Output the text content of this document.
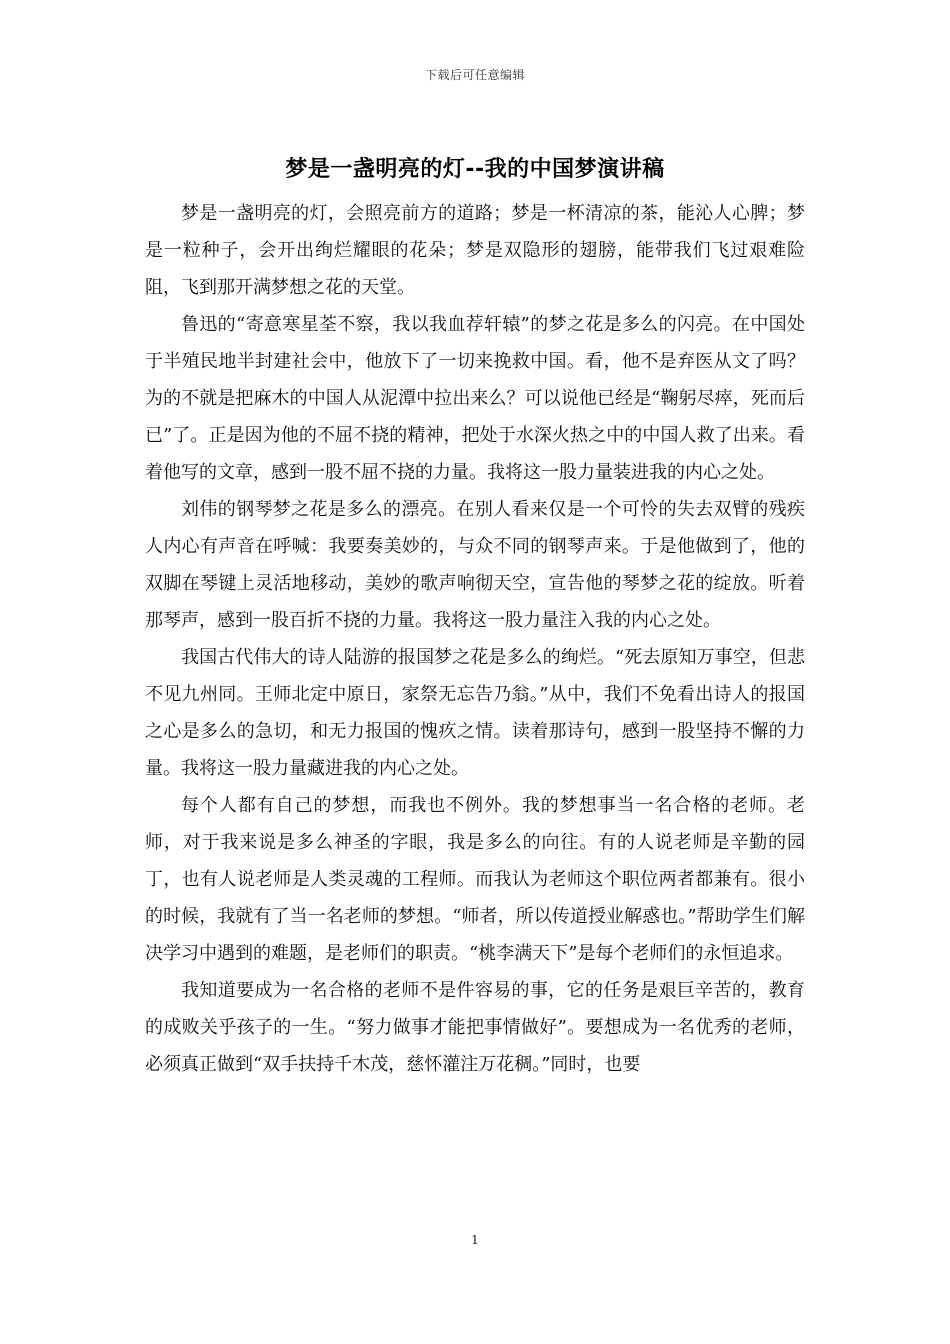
下载后可任意编辑
梦是一盏明亮的灯--我的中国梦演讲稿

梦是一盏明亮的灯，会照亮前方的道路；梦是一杯清凉的茶，能沁人心脾；梦是一粒种子，会开出绚烂耀眼的花朵；梦是双隐形的翅膀，能带我们飞过艰难险阻，飞到那开满梦想之花的天堂。

鲁迅的“寄意寒星荃不察，我以我血荐轩辕”的梦之花是多么的闪亮。在中国处于半殖民地半封建社会中，他放下了一切来挽救中国。看，他不是弃医从文了吗？为的不就是把麻木的中国人从泥潭中拉出来么？可以说他已经是“鞠躬尽瘁，死而后已”了。正是因为他的不屈不挠的精神，把处于水深火热之中的中国人救了出来。看着他写的文章，感到一股不屈不挠的力量。我将这一股力量装进我的内心之处。

刘伟的钢琴梦之花是多么的漂亮。在别人看来仅是一个可怜的失去双臂的残疾人内心有声音在呼喊：我要奏美妙的，与众不同的钢琴声来。于是他做到了，他的双脚在琴键上灵活地移动，美妙的歌声响彻天空，宣告他的琴梦之花的绽放。听着那琴声，感到一股百折不挠的力量。我将这一股力量注入我的内心之处。

我国古代伟大的诗人陆游的报国梦之花是多么的绚烂。“死去原知万事空，但悲不见九州同。王师北定中原日，家祭无忘告乃翁。”从中，我们不免看出诗人的报国之心是多么的急切，和无力报国的愧疚之情。读着那诗句，感到一股坚持不懈的力量。我将这一股力量藏进我的内心之处。

每个人都有自己的梦想，而我也不例外。我的梦想事当一名合格的老师。老师，对于我来说是多么神圣的字眼，我是多么的向往。有的人说老师是辛勤的园丁，也有人说老师是人类灵魂的工程师。而我认为老师这个职位两者都兼有。很小的时候，我就有了当一名老师的梦想。“师者，所以传道授业解惑也。”帮助学生们解决学习中遇到的难题，是老师们的职责。“桃李满天下”是每个老师们的永恒追求。

我知道要成为一名合格的老师不是件容易的事，它的任务是艰巨辛苦的，教育的成败关乎孩子的一生。“努力做事才能把事情做好”。要想成为一名优秀的老师，必须真正做到“双手扶持千木茂，慈怀灌注万花稠。”同时，也要

1
